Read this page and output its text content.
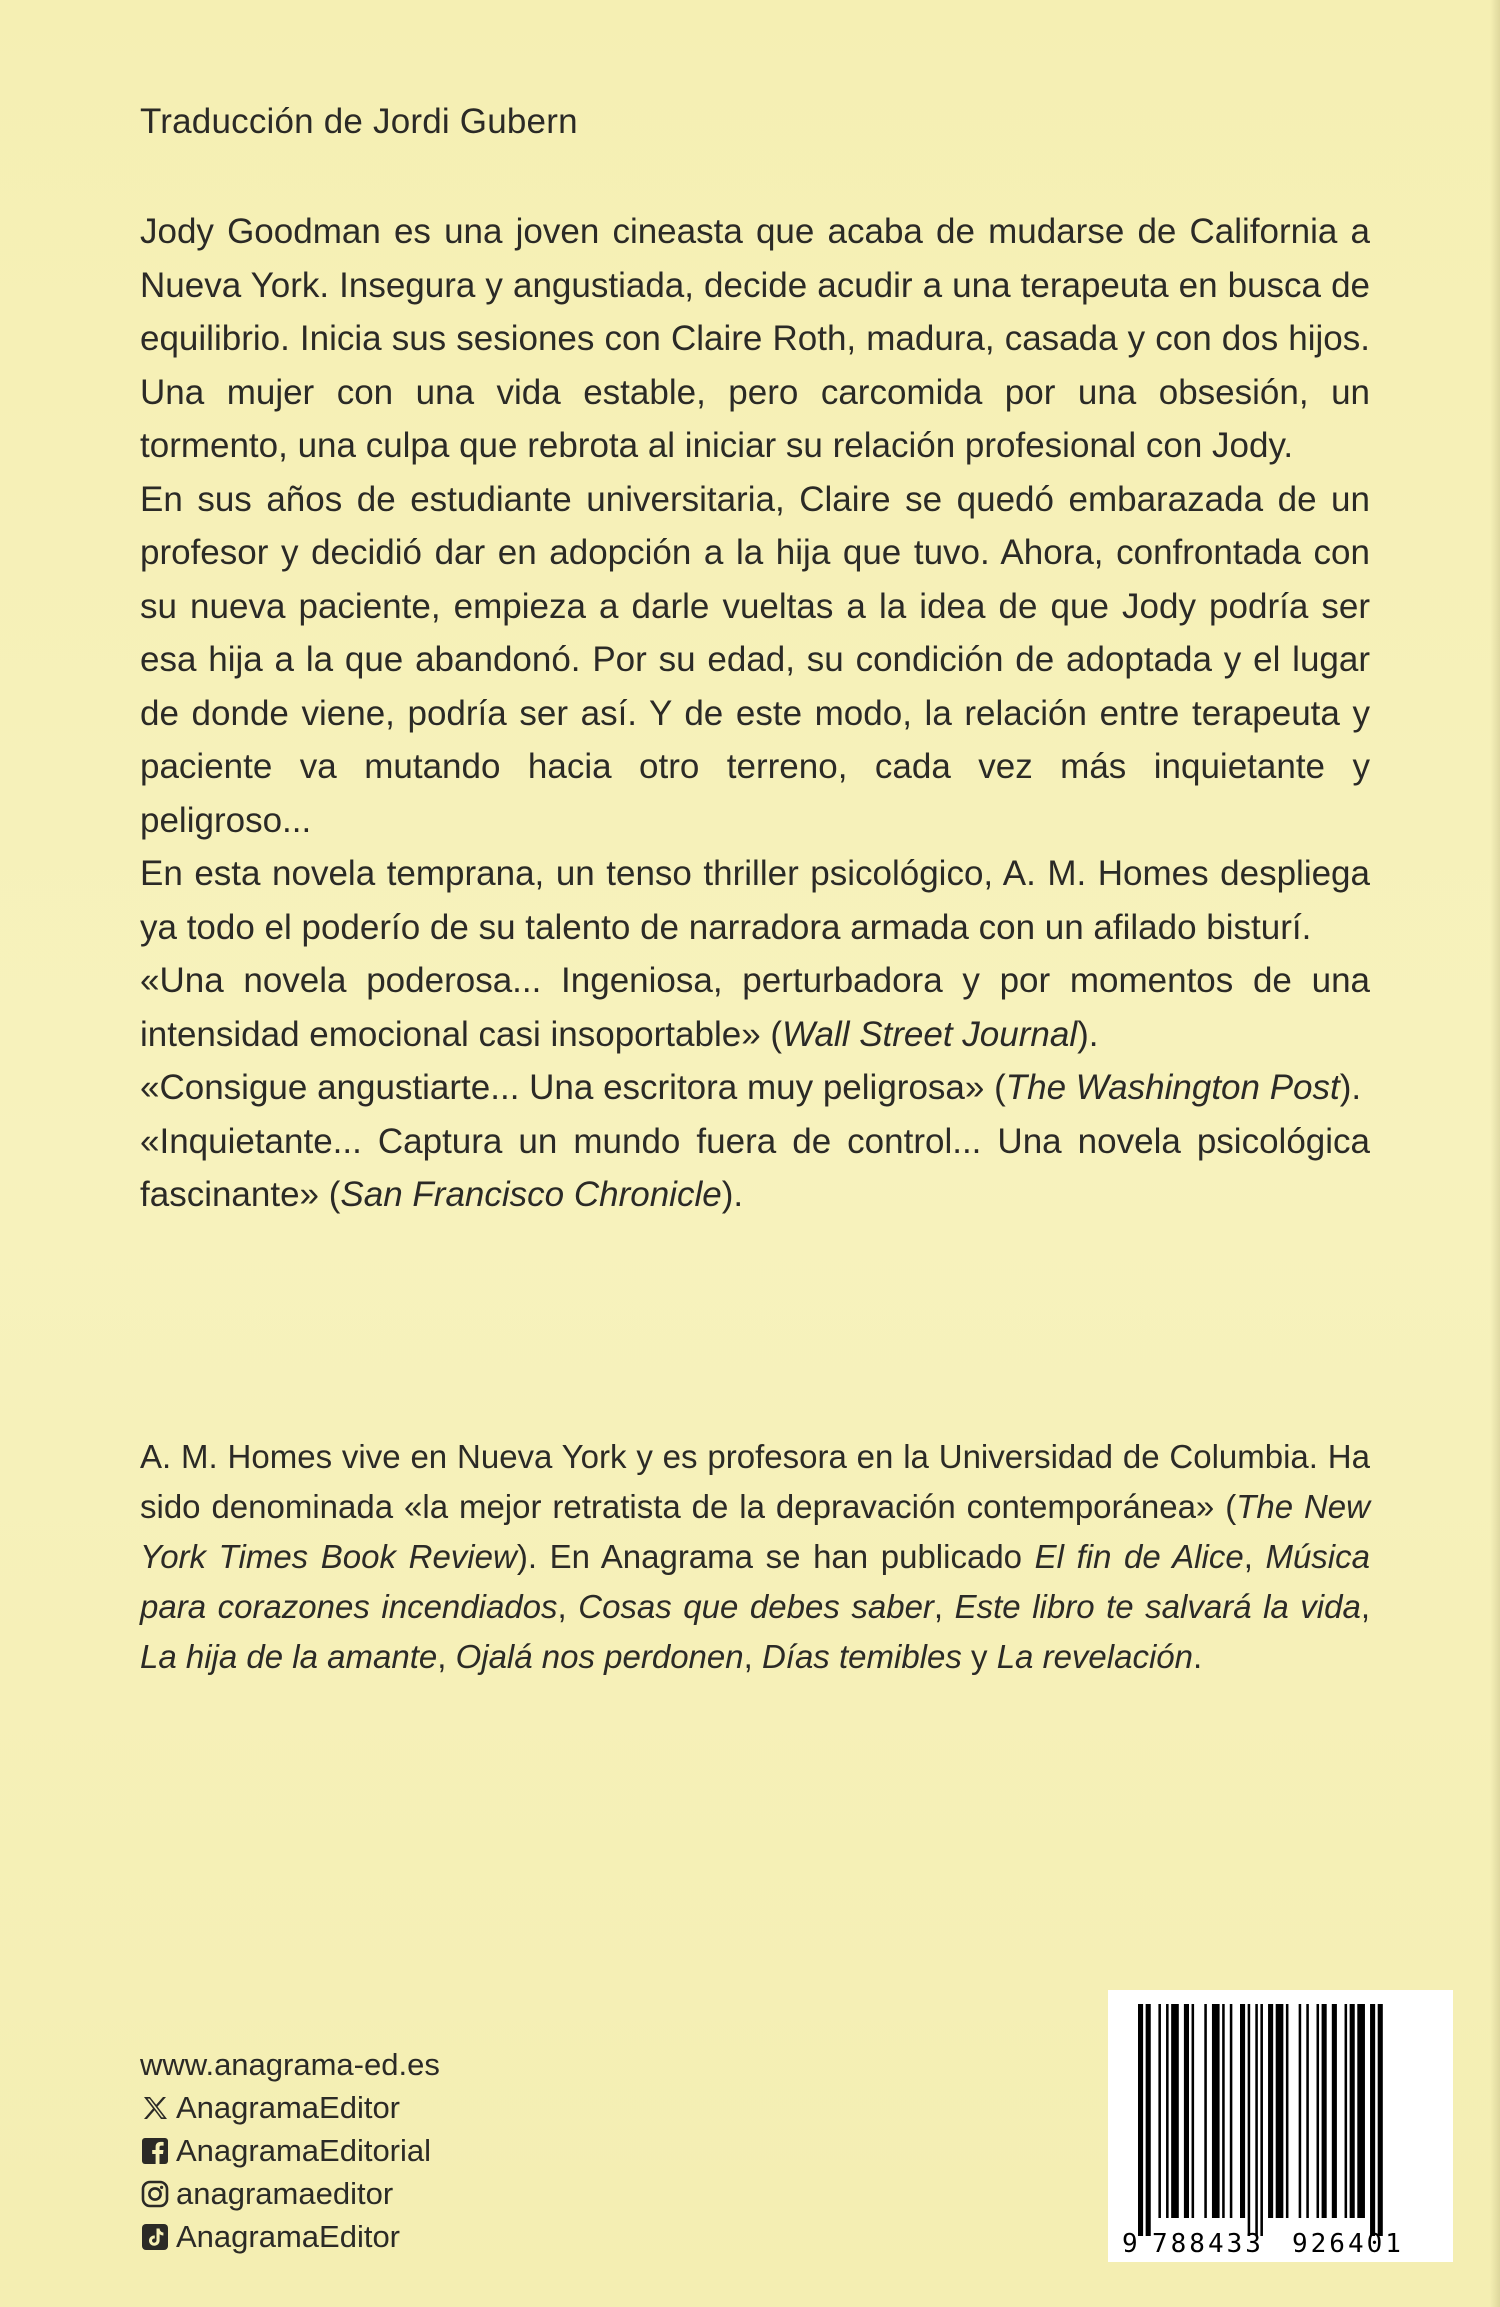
Traducción de Jordi Gubern

Jody Goodman es una joven cineasta que acaba de mudarse de California a Nueva York. Insegura y angustiada, decide acudir a una terapeuta en busca de equilibrio. Inicia sus sesiones con Claire Roth, madura, casada y con dos hijos. Una mujer con una vida estable, pero carcomida por una obsesión, un tormento, una culpa que rebrota al iniciar su relación profesional con Jody.

En sus años de estudiante universitaria, Claire se quedó embarazada de un profesor y decidió dar en adopción a la hija que tuvo. Ahora, confrontada con su nueva paciente, empieza a darle vueltas a la idea de que Jody podría ser esa hija a la que abandonó. Por su edad, su condición de adoptada y el lugar de donde viene, podría ser así. Y de este modo, la relación entre terapeuta y paciente va mutando hacia otro terreno, cada vez más inquietante y peligroso...

En esta novela temprana, un tenso thriller psicológico, A. M. Homes despliega ya todo el poderío de su talento de narradora armada con un afilado bisturí.

«Una novela poderosa... Ingeniosa, perturbadora y por momentos de una intensidad emocional casi insoportable» (Wall Street Journal).

«Consigue angustiarte... Una escritora muy peligrosa» (The Washington Post).

«Inquietante... Captura un mundo fuera de control... Una novela psicológica fascinante» (San Francisco Chronicle).

A. M. Homes vive en Nueva York y es profesora en la Universidad de Columbia. Ha sido denominada «la mejor retratista de la depravación contemporánea» (The New York Times Book Review). En Anagrama se han publicado El fin de Alice, Música para corazones incendiados, Cosas que debes saber, Este libro te salvará la vida, La hija de la amante, Ojalá nos perdonen, Días temibles y La revelación.

www.anagrama-ed.es
AnagramaEditor
AnagramaEditorial
anagramaeditor
AnagramaEditor	9 788433 926401
